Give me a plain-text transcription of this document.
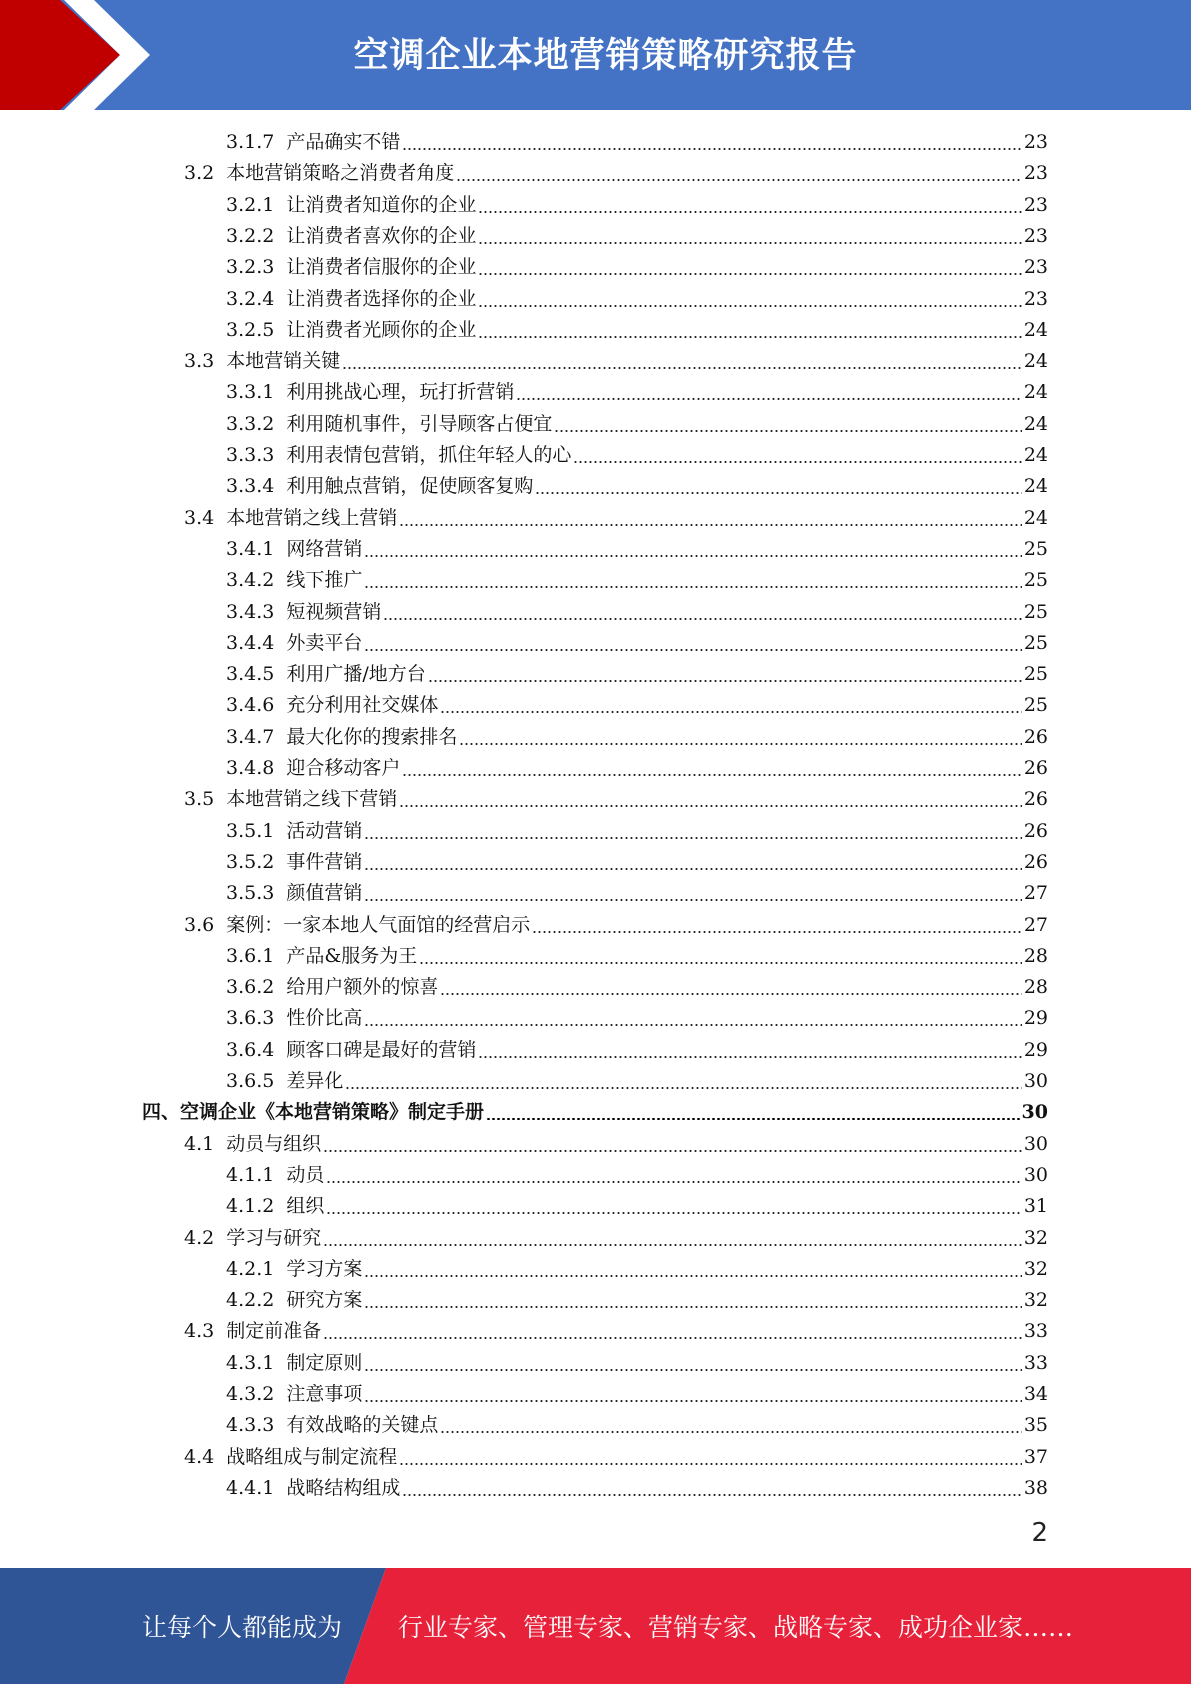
空调企业本地营销策略研究报告
3.1.7 产品确实不错	23
3.2 本地营销策略之消费者角度	23
3.2.1 让消费者知道你的企业	23
3.2.2 让消费者喜欢你的企业	23
3.2.3 让消费者信服你的企业	23
3.2.4 让消费者选择你的企业	23
3.2.5 让消费者光顾你的企业	24
3.3 本地营销关键	24
3.3.1 利用挑战心理，玩打折营销	24
3.3.2 利用随机事件，引导顾客占便宜	24
3.3.3 利用表情包营销，抓住年轻人的心	24
3.3.4 利用触点营销，促使顾客复购	24
3.4 本地营销之线上营销	24
3.4.1 网络营销	25
3.4.2 线下推广	25
3.4.3 短视频营销	25
3.4.4 外卖平台	25
3.4.5 利用广播/地方台	25
3.4.6 充分利用社交媒体	25
3.4.7 最大化你的搜索排名	26
3.4.8 迎合移动客户	26
3.5 本地营销之线下营销	26
3.5.1 活动营销	26
3.5.2 事件营销	26
3.5.3 颜值营销	27
3.6 案例：一家本地人气面馆的经营启示	27
3.6.1 产品&服务为王	28
3.6.2 给用户额外的惊喜	28
3.6.3 性价比高	29
3.6.4 顾客口碑是最好的营销	29
3.6.5 差异化	30
四、空调企业《本地营销策略》制定手册	30
4.1 动员与组织	30
4.1.1 动员	30
4.1.2 组织	31
4.2 学习与研究	32
4.2.1 学习方案	32
4.2.2 研究方案	32
4.3 制定前准备	33
4.3.1 制定原则	33
4.3.2 注意事项	34
4.3.3 有效战略的关键点	35
4.4 战略组成与制定流程	37
4.4.1 战略结构组成	38
2
让每个人都能成为 行业专家、管理专家、营销专家、战略专家、成功企业家……
